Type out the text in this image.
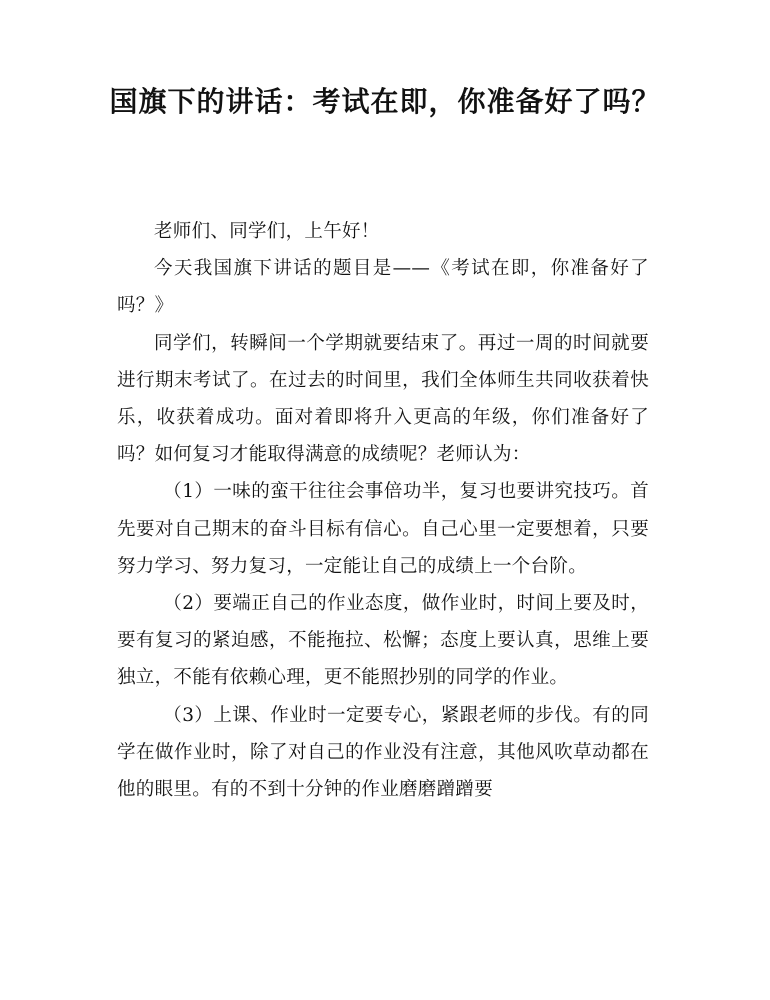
国旗下的讲话：考试在即，你准备好了吗？

老师们、同学们，上午好！

今天我国旗下讲话的题目是——《考试在即，你准备好了吗？》

同学们，转瞬间一个学期就要结束了。再过一周的时间就要进行期末考试了。在过去的时间里，我们全体师生共同收获着快乐，收获着成功。面对着即将升入更高的年级，你们准备好了吗？如何复习才能取得满意的成绩呢？老师认为：

（1）一味的蛮干往往会事倍功半，复习也要讲究技巧。首先要对自己期末的奋斗目标有信心。自己心里一定要想着，只要努力学习、努力复习，一定能让自己的成绩上一个台阶。

（2）要端正自己的作业态度，做作业时，时间上要及时，要有复习的紧迫感，不能拖拉、松懈；态度上要认真，思维上要独立，不能有依赖心理，更不能照抄别的同学的作业。

（3）上课、作业时一定要专心，紧跟老师的步伐。有的同学在做作业时，除了对自己的作业没有注意，其他风吹草动都在他的眼里。有的不到十分钟的作业磨磨蹭蹭要
